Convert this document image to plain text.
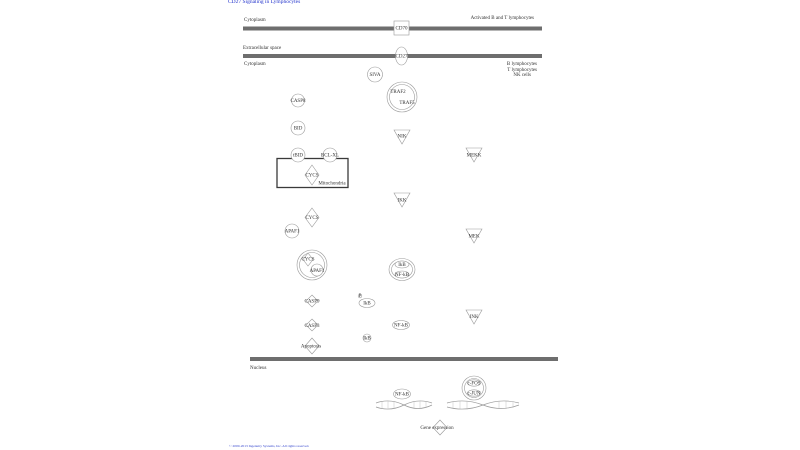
CD27 Signaling in Lymphocytes
Cytoplasm	Activated B and T lymphocytes
Extracellular space
Cytoplasm	B lymphocytes
T lymphocytes
NK cells
Nucleus
Mitochondria
CD70
CD27
SIVA
TRAF2
TRAF5
CASP8
BID
tBID	BCL-XL
CYCS
NIK
MEKK
IKK
CYCS
APAF1
MEK
CYCS
APAF1
IkB
NF-kB
CASP9
P
IkB
JNK
CASP3	NF-kB
IkB
Apoptosis
NF-kB
c-FOS
c-JUN
Gene expression

© 2000-2013 Ingenuity Systems, Inc. All rights reserved.
